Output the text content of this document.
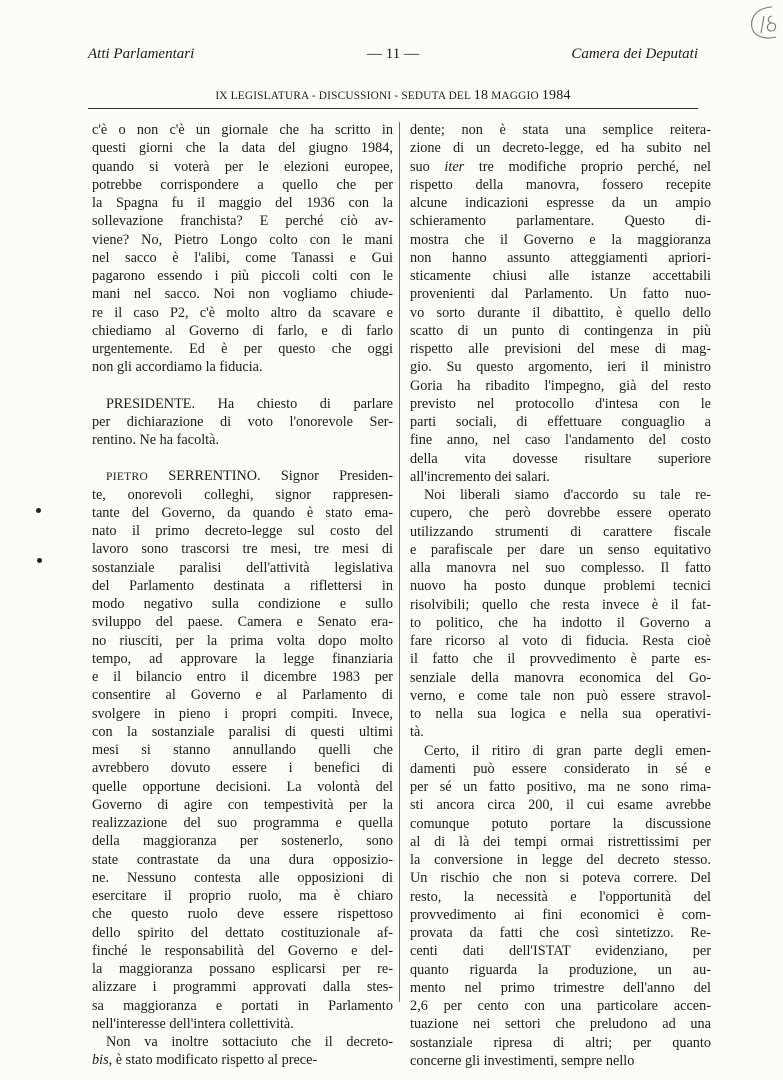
Atti Parlamentari	— 11 —	Camera dei Deputati
IX LEGISLATURA - DISCUSSIONI - SEDUTA DEL 18 MAGGIO 1984
c'è o non c'è un giornale che ha scritto in
questi giorni che la data del giugno 1984,
quando si voterà per le elezioni europee,
potrebbe corrispondere a quello che per
la Spagna fu il maggio del 1936 con la
sollevazione franchista? E perché ciò av-
viene? No, Pietro Longo colto con le mani
nel sacco è l'alibi, come Tanassi e Gui
pagarono essendo i più piccoli colti con le
mani nel sacco. Noi non vogliamo chiude-
re il caso P2, c'è molto altro da scavare e
chiediamo al Governo di farlo, e di farlo
urgentemente. Ed è per questo che oggi
non gli accordiamo la fiducia.
PRESIDENTE. Ha chiesto di parlare
per dichiarazione di voto l'onorevole Ser-
rentino. Ne ha facoltà.
PIETRO SERRENTINO. Signor Presiden-
te, onorevoli colleghi, signor rappresen-
tante del Governo, da quando è stato ema-
nato il primo decreto-legge sul costo del
lavoro sono trascorsi tre mesi, tre mesi di
sostanziale paralisi dell'attività legislativa
del Parlamento destinata a riflettersi in
modo negativo sulla condizione e sullo
sviluppo del paese. Camera e Senato era-
no riusciti, per la prima volta dopo molto
tempo, ad approvare la legge finanziaria
e il bilancio entro il dicembre 1983 per
consentire al Governo e al Parlamento di
svolgere in pieno i propri compiti. Invece,
con la sostanziale paralisi di questi ultimi
mesi si stanno annullando quelli che
avrebbero dovuto essere i benefici di
quelle opportune decisioni. La volontà del
Governo di agire con tempestività per la
realizzazione del suo programma e quella
della maggioranza per sostenerlo, sono
state contrastate da una dura opposizio-
ne. Nessuno contesta alle opposizioni di
esercitare il proprio ruolo, ma è chiaro
che questo ruolo deve essere rispettoso
dello spirito del dettato costituzionale af-
finché le responsabilità del Governo e del-
la maggioranza possano esplicarsi per re-
alizzare i programmi approvati dalla stes-
sa maggioranza e portati in Parlamento
nell'interesse dell'intera collettività.
Non va inoltre sottaciuto che il decreto-
bis, è stato modificato rispetto al prece-
dente; non è stata una semplice reitera-
zione di un decreto-legge, ed ha subito nel
suo iter tre modifiche proprio perché, nel
rispetto della manovra, fossero recepite
alcune indicazioni espresse da un ampio
schieramento parlamentare. Questo di-
mostra che il Governo e la maggioranza
non hanno assunto atteggiamenti apriori-
sticamente chiusi alle istanze accettabili
provenienti dal Parlamento. Un fatto nuo-
vo sorto durante il dibattito, è quello dello
scatto di un punto di contingenza in più
rispetto alle previsioni del mese di mag-
gio. Su questo argomento, ieri il ministro
Goria ha ribadito l'impegno, già del resto
previsto nel protocollo d'intesa con le
parti sociali, di effettuare conguaglio a
fine anno, nel caso l'andamento del costo
della vita dovesse risultare superiore
all'incremento dei salari.
Noi liberali siamo d'accordo su tale re-
cupero, che però dovrebbe essere operato
utilizzando strumenti di carattere fiscale
e parafiscale per dare un senso equitativo
alla manovra nel suo complesso. Il fatto
nuovo ha posto dunque problemi tecnici
risolvibili; quello che resta invece è il fat-
to politico, che ha indotto il Governo a
fare ricorso al voto di fiducia. Resta cioè
il fatto che il provvedimento è parte es-
senziale della manovra economica del Go-
verno, e come tale non può essere stravol-
to nella sua logica e nella sua operativi-
tà.
Certo, il ritiro di gran parte degli emen-
damenti può essere considerato in sé e
per sé un fatto positivo, ma ne sono rima-
sti ancora circa 200, il cui esame avrebbe
comunque potuto portare la discussione
al di là dei tempi ormai ristrettissimi per
la conversione in legge del decreto stesso.
Un rischio che non si poteva correre. Del
resto, la necessità e l'opportunità del
provvedimento ai fini economici è com-
provata da fatti che così sintetizzo. Re-
centi dati dell'ISTAT evidenziano, per
quanto riguarda la produzione, un au-
mento nel primo trimestre dell'anno del
2,6 per cento con una particolare accen-
tuazione nei settori che preludono ad una
sostanziale ripresa di altri; per quanto
concerne gli investimenti, sempre nello
